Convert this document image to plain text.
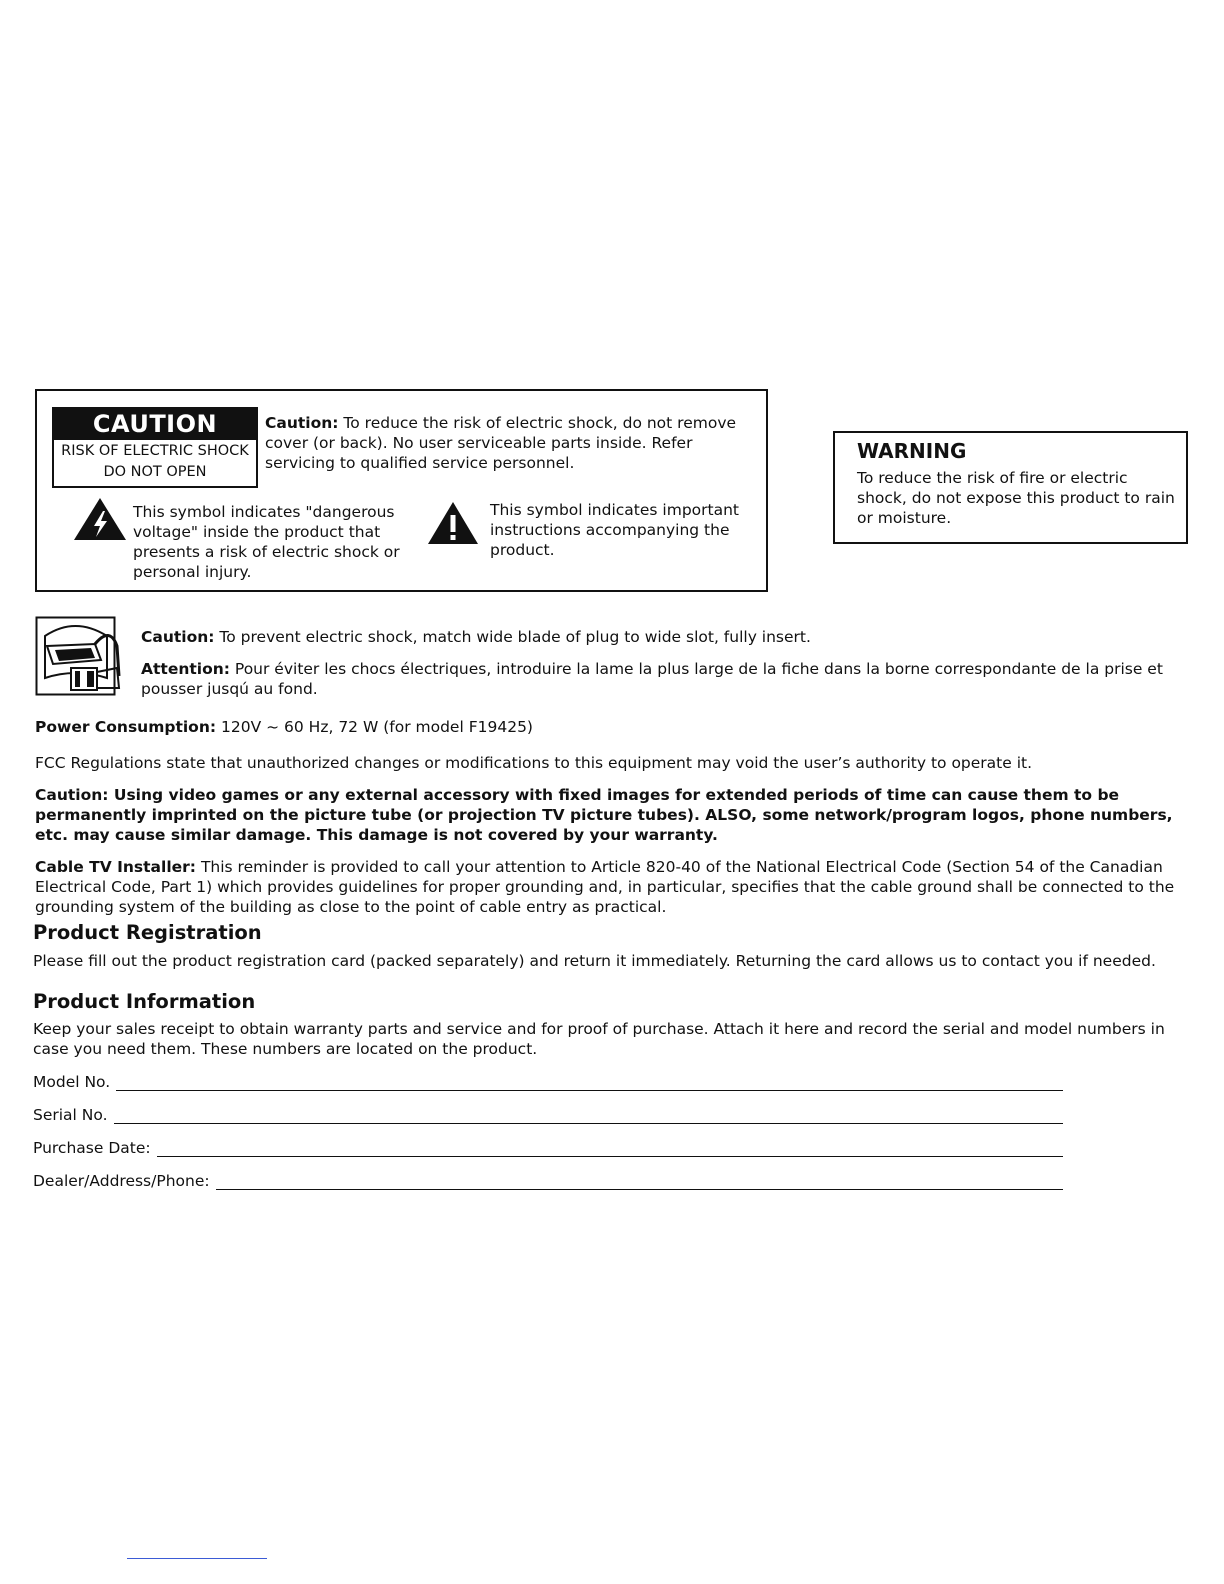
CAUTION
RISK OF ELECTRIC SHOCK
DO NOT OPEN
Caution: To reduce the risk of electric shock, do not remove cover (or back). No user serviceable parts inside. Refer servicing to qualified service personnel.
This symbol indicates "dangerous voltage" inside the product that presents a risk of electric shock or personal injury.
This symbol indicates important instructions accompanying the product.
WARNING
To reduce the risk of fire or electric shock, do not expose this product to rain or moisture.
Caution: To prevent electric shock, match wide blade of plug to wide slot, fully insert.
Attention: Pour éviter les chocs électriques, introduire la lame la plus large de la fiche dans la borne correspondante de la prise et pousser jusqú au fond.
Power Consumption: 120V ~ 60 Hz, 72 W (for model F19425)
FCC Regulations state that unauthorized changes or modifications to this equipment may void the user’s authority to operate it.
Caution: Using video games or any external accessory with fixed images for extended periods of time can cause them to be permanently imprinted on the picture tube (or projection TV picture tubes). ALSO, some network/program logos, phone numbers, etc. may cause similar damage. This damage is not covered by your warranty.
Cable TV Installer: This reminder is provided to call your attention to Article 820-40 of the National Electrical Code (Section 54 of the Canadian Electrical Code, Part 1) which provides guidelines for proper grounding and, in particular, specifies that the cable ground shall be connected to the grounding system of the building as close to the point of cable entry as practical.
Product Registration
Please fill out the product registration card (packed separately) and return it immediately. Returning the card allows us to contact you if needed.
Product Information
Keep your sales receipt to obtain warranty parts and service and for proof of purchase. Attach it here and record the serial and model numbers in case you need them. These numbers are located on the product.
Model No.
Serial No.
Purchase Date:
Dealer/Address/Phone:
